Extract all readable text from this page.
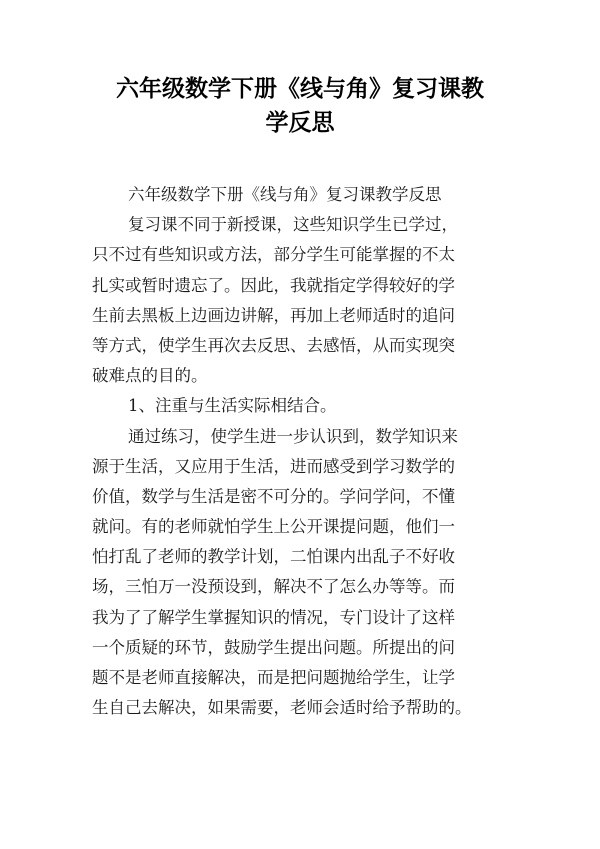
六年级数学下册《线与角》复习课教
学反思

六年级数学下册《线与角》复习课教学反思

复习课不同于新授课，这些知识学生已学过，

只不过有些知识或方法，部分学生可能掌握的不太

扎实或暂时遗忘了。因此，我就指定学得较好的学

生前去黑板上边画边讲解，再加上老师适时的追问

等方式，使学生再次去反思、去感悟，从而实现突

破难点的目的。

1、注重与生活实际相结合。

通过练习，使学生进一步认识到，数学知识来

源于生活，又应用于生活，进而感受到学习数学的

价值，数学与生活是密不可分的。学问学问，不懂

就问。有的老师就怕学生上公开课提问题，他们一

怕打乱了老师的教学计划，二怕课内出乱子不好收

场，三怕万一没预设到，解决不了怎么办等等。而

我为了了解学生掌握知识的情况，专门设计了这样

一个质疑的环节，鼓励学生提出问题。所提出的问

题不是老师直接解决，而是把问题抛给学生，让学

生自己去解决，如果需要，老师会适时给予帮助的。
